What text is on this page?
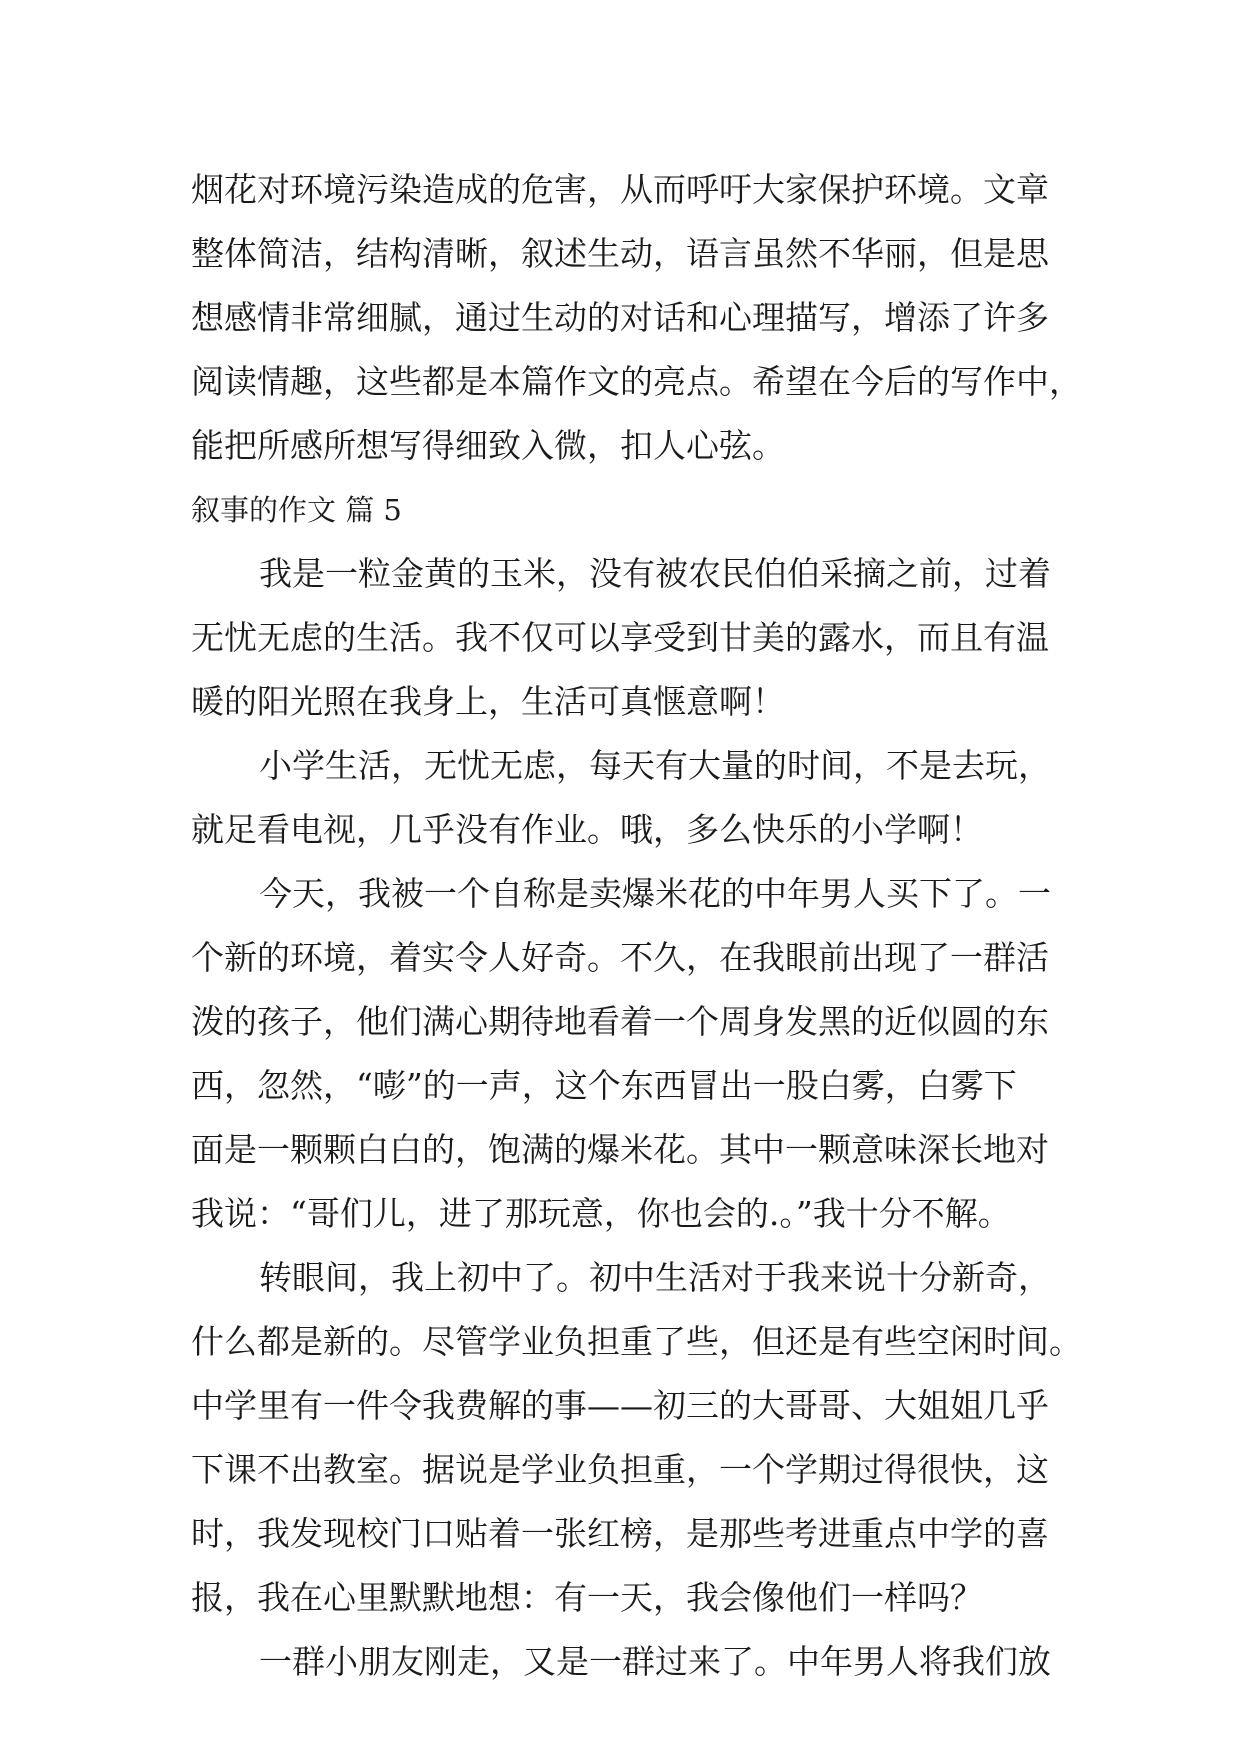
烟花对环境污染造成的危害，从而呼吁大家保护环境。文章
整体简洁，结构清晰，叙述生动，语言虽然不华丽，但是思
想感情非常细腻，通过生动的对话和心理描写，增添了许多
阅读情趣，这些都是本篇作文的亮点。希望在今后的写作中，
能把所感所想写得细致入微，扣人心弦。
叙事的作文 篇 5
我是一粒金黄的玉米，没有被农民伯伯采摘之前，过着
无忧无虑的生活。我不仅可以享受到甘美的露水，而且有温
暖的阳光照在我身上，生活可真惬意啊！
小学生活，无忧无虑，每天有大量的时间，不是去玩，
就足看电视，几乎没有作业。哦，多么快乐的小学啊！
今天，我被一个自称是卖爆米花的中年男人买下了。一
个新的环境，着实令人好奇。不久，在我眼前出现了一群活
泼的孩子，他们满心期待地看着一个周身发黑的近似圆的东
西，忽然，“嘭”的一声，这个东西冒出一股白雾，白雾下
面是一颗颗白白的，饱满的爆米花。其中一颗意味深长地对
我说：“哥们儿，进了那玩意，你也会的.。”我十分不解。
转眼间，我上初中了。初中生活对于我来说十分新奇，
什么都是新的。尽管学业负担重了些，但还是有些空闲时间。
中学里有一件令我费解的事——初三的大哥哥、大姐姐几乎
下课不出教室。据说是学业负担重，一个学期过得很快，这
时，我发现校门口贴着一张红榜，是那些考进重点中学的喜
报，我在心里默默地想：有一天，我会像他们一样吗？
一群小朋友刚走，又是一群过来了。中年男人将我们放
